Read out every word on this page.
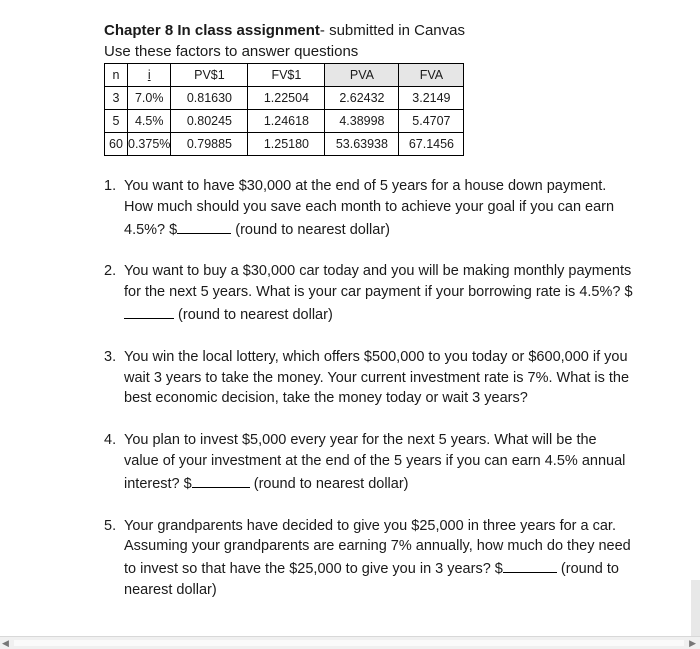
Chapter 8 In class assignment- submitted in Canvas
Use these factors to answer questions
n	i	PV$1	FV$1	PVA	FVA
3	7.0%	0.81630	1.22504	2.62432	3.2149
5	4.5%	0.80245	1.24618	4.38998	5.4707
60	0.375%	0.79885	1.25180	53.63938	67.1456
1. You want to have $30,000 at the end of 5 years for a house down payment. How much should you save each month to achieve your goal if you can earn 4.5%? $	(round to nearest dollar)
2. You want to buy a $30,000 car today and you will be making monthly payments for the next 5 years. What is your car payment if your borrowing rate is 4.5%? $ (round to nearest dollar)
3. You win the local lottery, which offers $500,000 to you today or $600,000 if you wait 3 years to take the money. Your current investment rate is 7%. What is the best economic decision, take the money today or wait 3 years?
4. You plan to invest $5,000 every year for the next 5 years. What will be the value of your investment at the end of the 5 years if you can earn 4.5% annual interest? $	(round to nearest dollar)
5. Your grandparents have decided to give you $25,000 in three years for a car. Assuming your grandparents are earning 7% annually, how much do they need to invest so that have the $25,000 to give you in 3 years? $	(round to nearest dollar)
◀	▶
